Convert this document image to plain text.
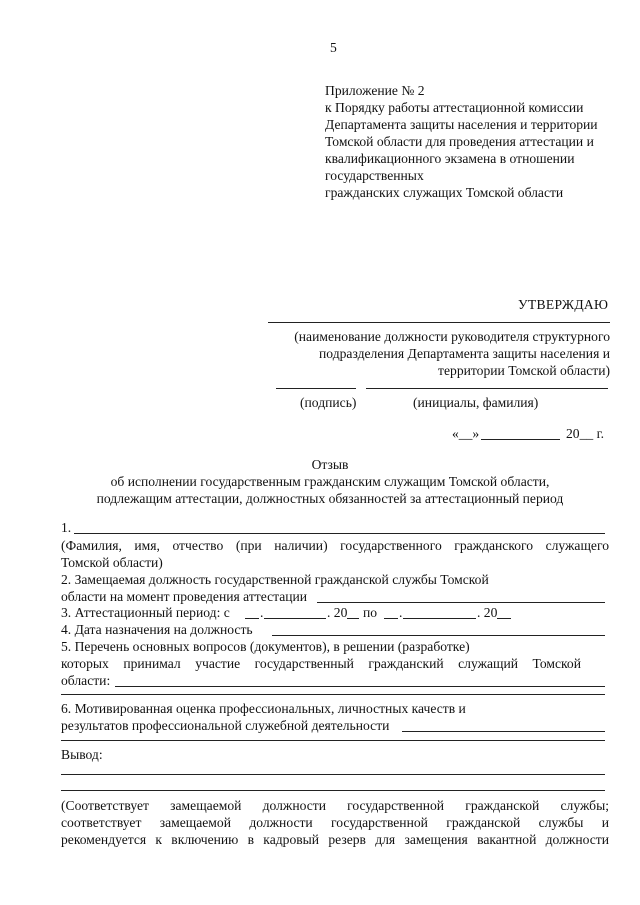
5
Приложение № 2
к Порядку работы аттестационной комиссии
Департамента защиты населения и территории
Томской области для проведения аттестации и
квалификационного экзамена в отношении
государственных
гражданских служащих Томской области
УТВЕРЖДАЮ
(наименование должности руководителя структурного
подразделения Департамента защиты населения и
территории Томской области)
(подпись)	(инициалы, фамилия)
«__»	20__ г.
Отзыв
об исполнении государственным гражданским служащим Томской области,
подлежащим аттестации, должностных обязанностей за аттестационный период
1.
(Фамилия, имя, отчество (при наличии) государственного гражданского служащего
Томской области)
2. Замещаемая должность государственной гражданской службы Томской
области на момент проведения аттестации
3. Аттестационный период: с .	. 20 по .	. 20
4. Дата назначения на должность
5. Перечень основных вопросов (документов), в решении (разработке)
которых принимал участие государственный гражданский служащий Томской
области:
6. Мотивированная оценка профессиональных, личностных качеств и
результатов профессиональной служебной деятельности
Вывод:
(Соответствует замещаемой должности государственной гражданской службы;
соответствует замещаемой должности государственной гражданской службы и
рекомендуется к включению в кадровый резерв для замещения вакантной должности
